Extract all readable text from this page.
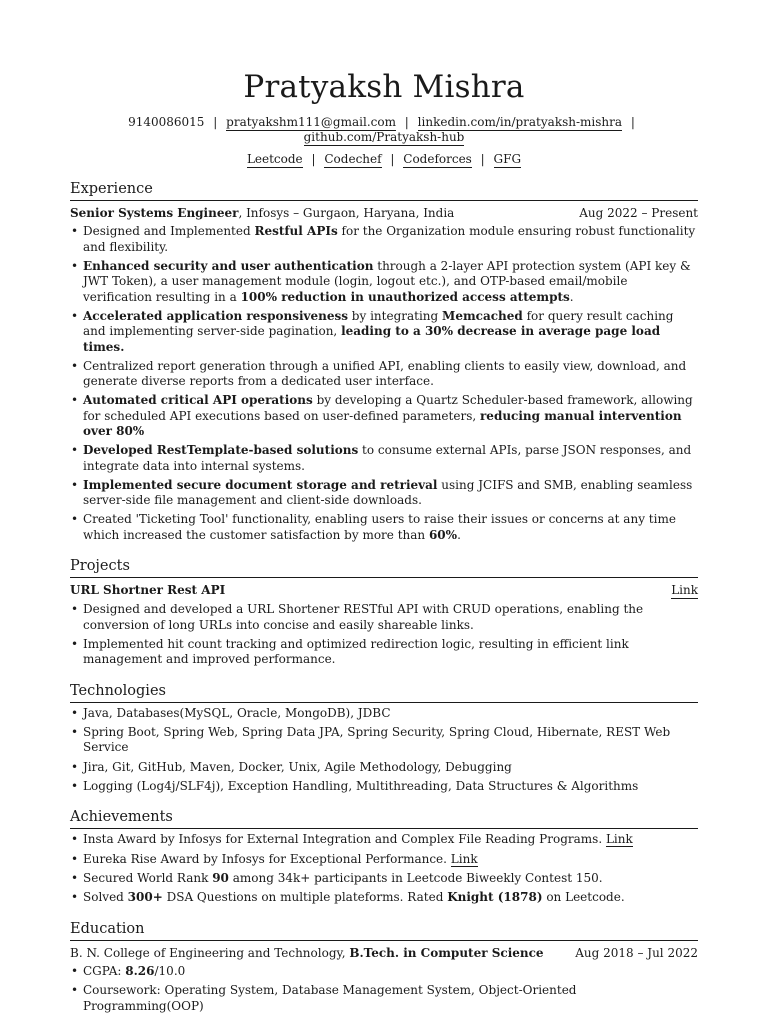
Pratyaksh Mishra
9140086015 | pratyakshm111@gmail.com | linkedin.com/in/pratyaksh-mishra | github.com/Pratyaksh-hub
Leetcode | Codechef | Codeforces | GFG
Experience
Senior Systems Engineer, Infosys – Gurgaon, Haryana, India	Aug 2022 – Present
• Designed and Implemented Restful APIs for the Organization module ensuring robust functionality and flexibility.
• Enhanced security and user authentication through a 2-layer API protection system (API key & JWT Token), a user management module (login, logout etc.), and OTP-based email/mobile verification resulting in a 100% reduction in unauthorized access attempts.
• Accelerated application responsiveness by integrating Memcached for query result caching and implementing server-side pagination, leading to a 30% decrease in average page load times.
• Centralized report generation through a unified API, enabling clients to easily view, download, and generate diverse reports from a dedicated user interface.
• Automated critical API operations by developing a Quartz Scheduler-based framework, allowing for scheduled API executions based on user-defined parameters, reducing manual intervention over 80%
• Developed RestTemplate-based solutions to consume external APIs, parse JSON responses, and integrate data into internal systems.
• Implemented secure document storage and retrieval using JCIFS and SMB, enabling seamless server-side file management and client-side downloads.
• Created 'Ticketing Tool' functionality, enabling users to raise their issues or concerns at any time which increased the customer satisfaction by more than 60%.
Projects
URL Shortner Rest API	Link
• Designed and developed a URL Shortener RESTful API with CRUD operations, enabling the conversion of long URLs into concise and easily shareable links.
• Implemented hit count tracking and optimized redirection logic, resulting in efficient link management and improved performance.
Technologies
• Java, Databases(MySQL, Oracle, MongoDB), JDBC
• Spring Boot, Spring Web, Spring Data JPA, Spring Security, Spring Cloud, Hibernate, REST Web Service
• Jira, Git, GitHub, Maven, Docker, Unix, Agile Methodology, Debugging
• Logging (Log4j/SLF4j), Exception Handling, Multithreading, Data Structures & Algorithms
Achievements
• Insta Award by Infosys for External Integration and Complex File Reading Programs. Link
• Eureka Rise Award by Infosys for Exceptional Performance. Link
• Secured World Rank 90 among 34k+ participants in Leetcode Biweekly Contest 150.
• Solved 300+ DSA Questions on multiple plateforms. Rated Knight (1878) on Leetcode.
Education
B. N. College of Engineering and Technology, B.Tech. in Computer Science	Aug 2018 – Jul 2022
• CGPA: 8.26/10.0
• Coursework: Operating System, Database Management System, Object-Oriented Programming(OOP)
